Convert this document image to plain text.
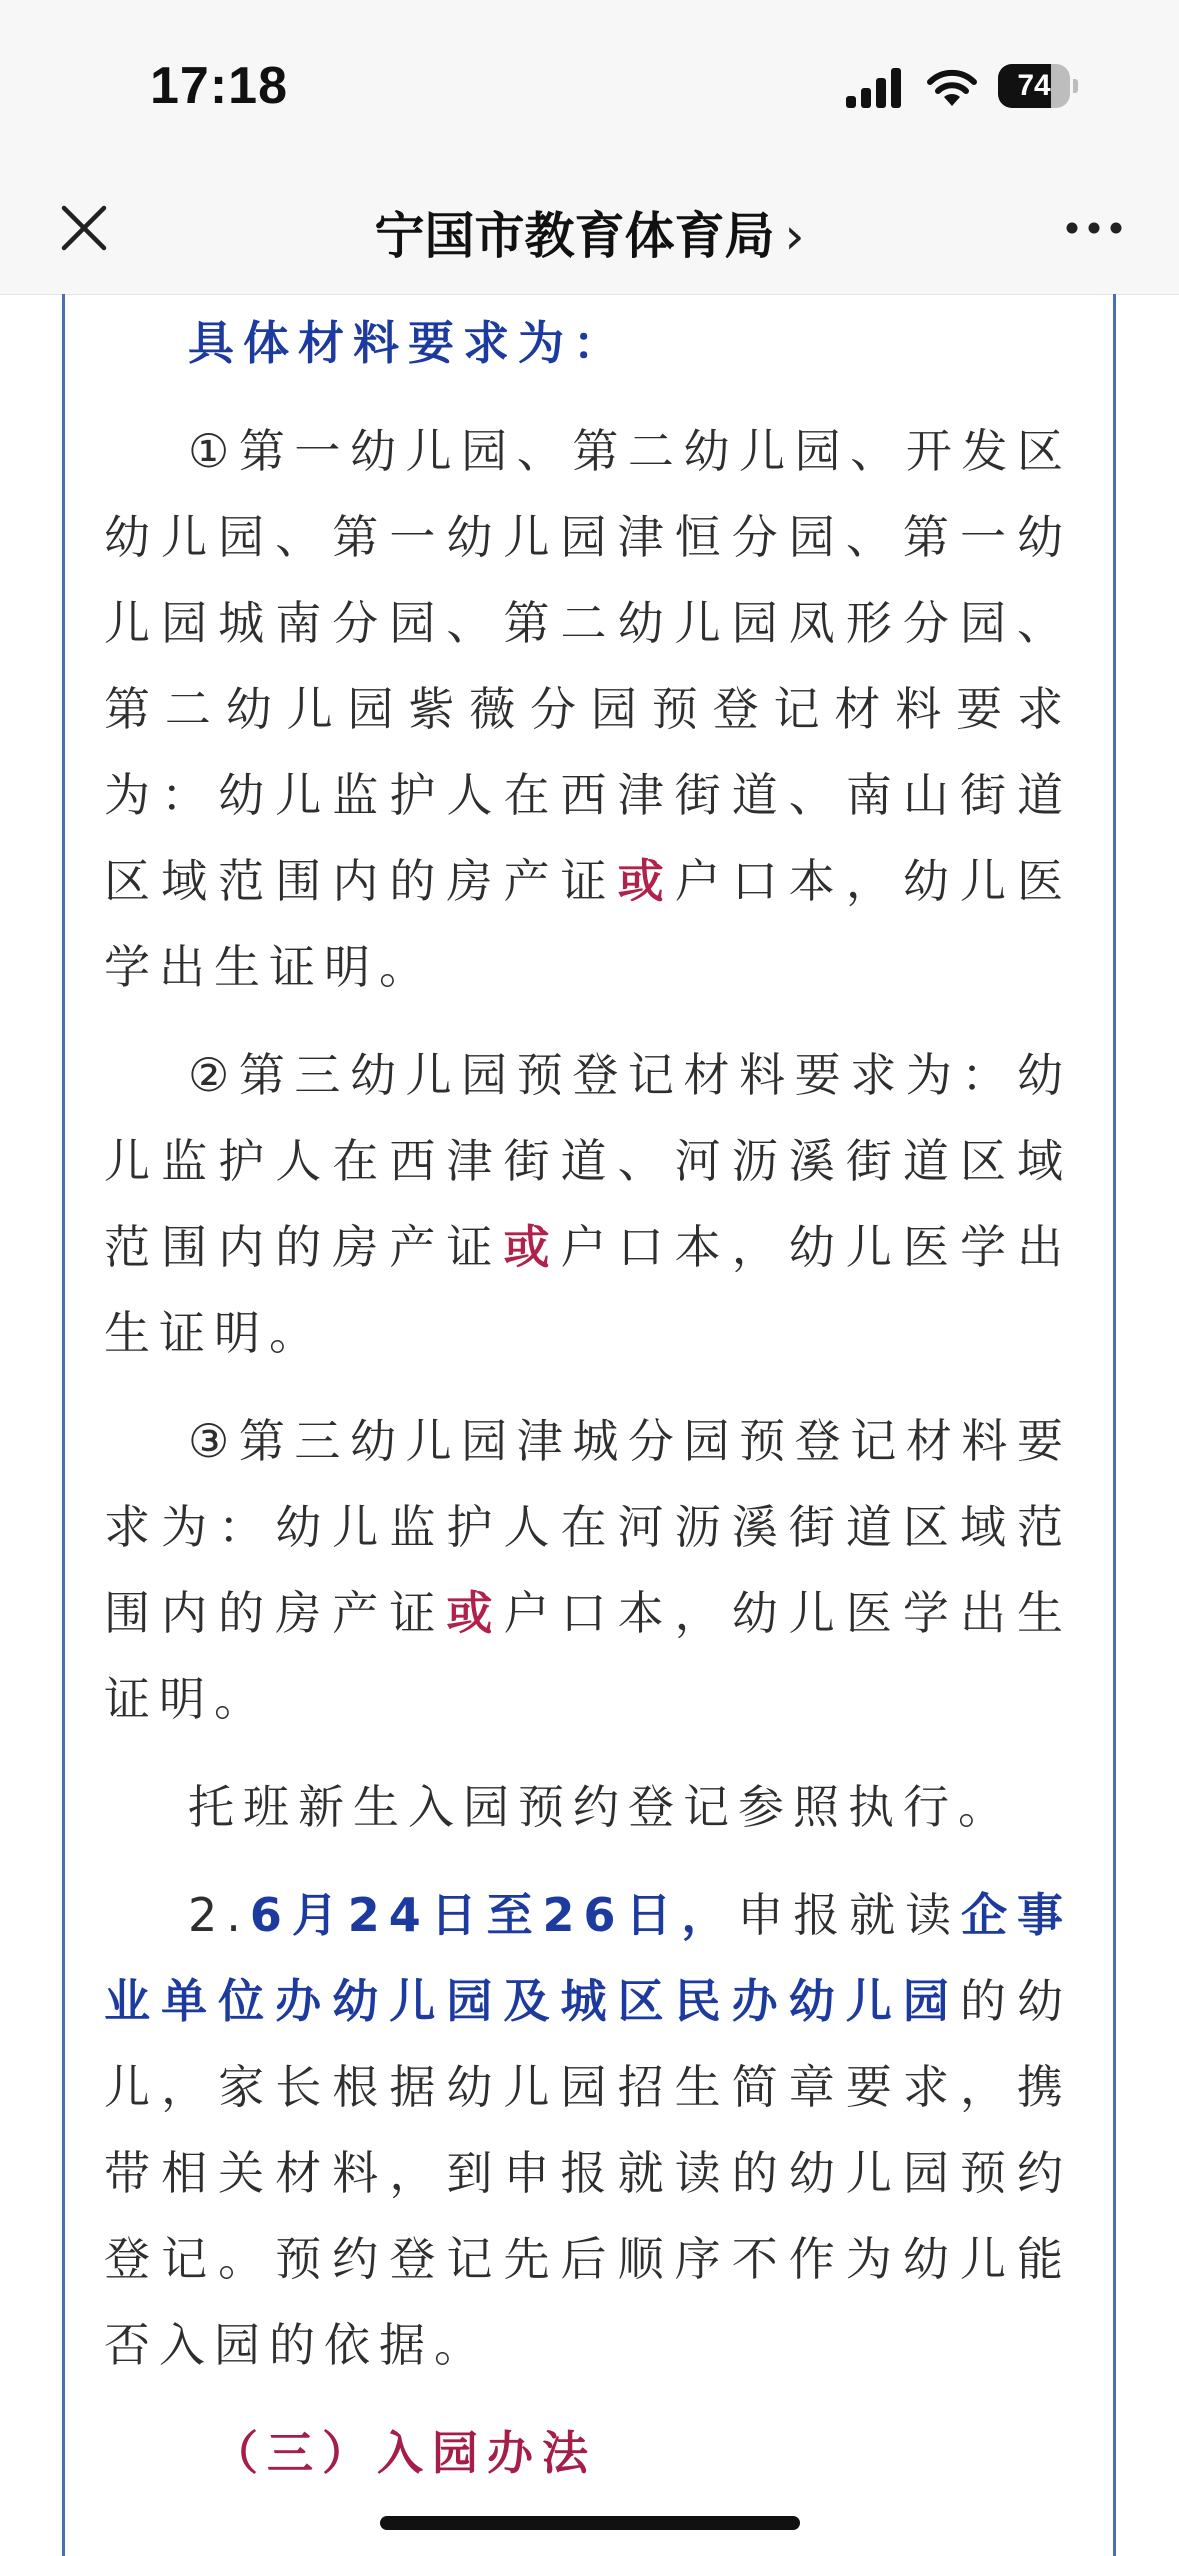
17:18	74
宁国市教育体育局 ›

具体材料要求为：

①第一幼儿园、第二幼儿园、开发区幼儿园、第一幼儿园津恒分园、第一幼儿园城南分园、第二幼儿园凤形分园、第二幼儿园紫薇分园预登记材料要求为：幼儿监护人在西津街道、南山街道区域范围内的房产证或户口本，幼儿医学出生证明。

②第三幼儿园预登记材料要求为：幼儿监护人在西津街道、河沥溪街道区域范围内的房产证或户口本，幼儿医学出生证明。

③第三幼儿园津城分园预登记材料要求为：幼儿监护人在河沥溪街道区域范围内的房产证或户口本，幼儿医学出生证明。

托班新生入园预约登记参照执行。

2.6月24日至26日，申报就读企事业单位办幼儿园及城区民办幼儿园的幼儿，家长根据幼儿园招生简章要求，携带相关材料，到申报就读的幼儿园预约登记。预约登记先后顺序不作为幼儿能否入园的依据。

（三）入园办法
